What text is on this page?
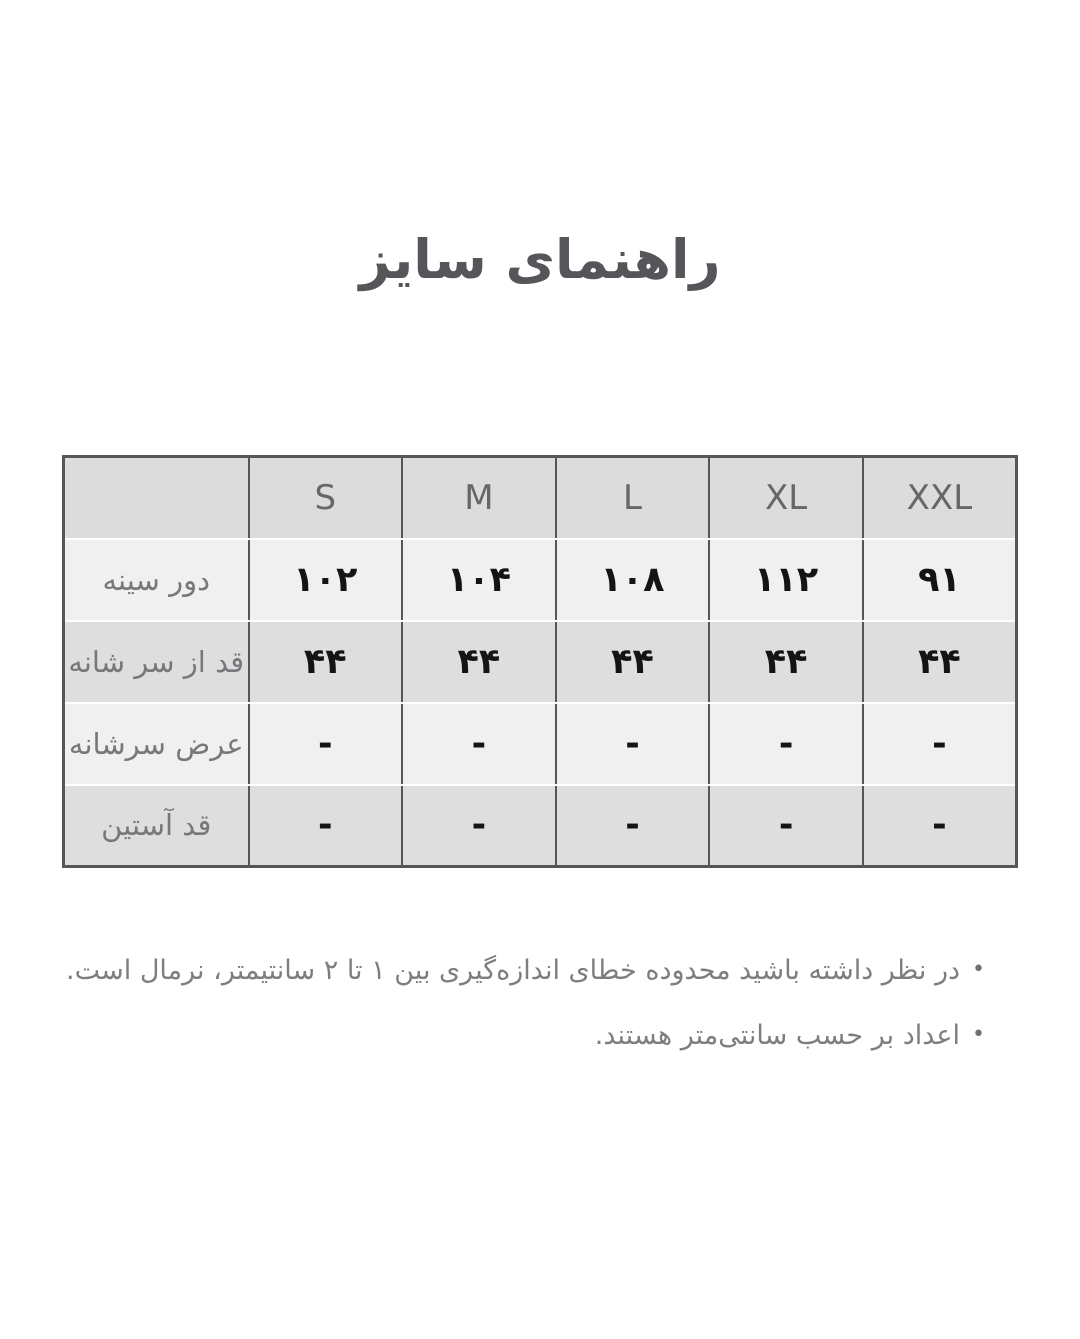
راهنمای سایز
	S	M	L	XL	XXL
دور سینه	۱۰۲	۱۰۴	۱۰۸	۱۱۲	۹۱
قد از سر شانه	۴۴	۴۴	۴۴	۴۴	۴۴
عرض سرشانه	-	-	-	-	-
قد آستین	-	-	-	-	-
•در نظر داشته باشید محدوده خطای اندازه‌گیری بین ۱ تا ۲ سانتیمتر، نرمال است.
•اعداد بر حسب سانتی‌متر هستند.
